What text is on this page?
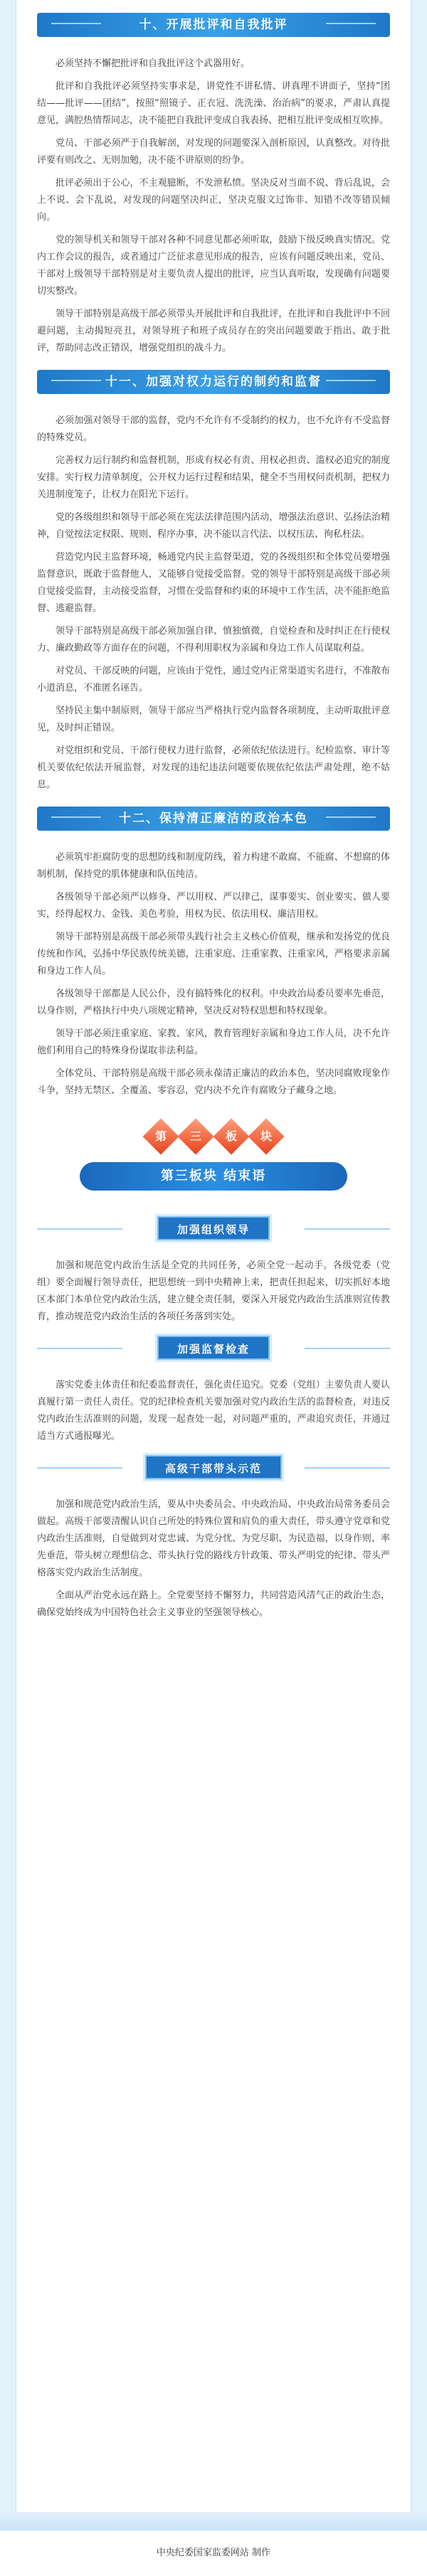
十、开展批评和自我批评

必须坚持不懈把批评和自我批评这个武器用好。

批评和自我批评必须坚持实事求是，讲党性不讲私情、讲真理不讲面子，坚持“团结——批评——团结”，按照“照镜子、正衣冠、洗洗澡、治治病”的要求，严肃认真提意见，满腔热情帮同志，决不能把自我批评变成自我表扬、把相互批评变成相互吹捧。

党员、干部必须严于自我解剖，对发现的问题要深入剖析原因，认真整改。对待批评要有则改之、无则加勉，决不能不讲原则的纷争。

批评必须出于公心，不主观臆断，不发泄私愤。坚决反对当面不说、背后乱说，会上不说、会下乱说，对发现的问题坚决纠正，坚决克服文过饰非、知错不改等错误倾向。

党的领导机关和领导干部对各种不同意见都必须听取，鼓励下级反映真实情况。党内工作会议的报告，或者通过广泛征求意见形成的报告，应该有问题反映出来，党员、干部对上级领导干部特别是对主要负责人提出的批评，应当认真听取，发现确有问题要切实整改。

领导干部特别是高级干部必须带头开展批评和自我批评，在批评和自我批评中不回避问题，主动揭短亮丑，对领导班子和班子成员存在的突出问题要敢于指出、敢于批评，帮助同志改正错误，增强党组织的战斗力。

十一、加强对权力运行的制约和监督

必须加强对领导干部的监督，党内不允许有不受制约的权力，也不允许有不受监督的特殊党员。

完善权力运行制约和监督机制，形成有权必有责、用权必担责、滥权必追究的制度安排。实行权力清单制度，公开权力运行过程和结果，健全不当用权问责机制，把权力关进制度笼子，让权力在阳光下运行。

党的各级组织和领导干部必须在宪法法律范围内活动，增强法治意识、弘扬法治精神，自觉按法定权限、规则、程序办事，决不能以言代法、以权压法、徇私枉法。

营造党内民主监督环境，畅通党内民主监督渠道，党的各级组织和全体党员要增强监督意识，既敢于监督他人，又能够自觉接受监督。党的领导干部特别是高级干部必须自觉接受监督，主动接受监督，习惯在受监督和约束的环境中工作生活，决不能拒绝监督、逃避监督。

领导干部特别是高级干部必须加强自律、慎独慎微，自觉检查和及时纠正在行使权力、廉政勤政等方面存在的问题，不得利用职权为亲属和身边工作人员谋取利益。

对党员、干部反映的问题，应该由于党性，通过党内正常渠道实名进行，不准散布小道消息，不准匿名诬告。

坚持民主集中制原则，领导干部应当严格执行党内监督各项制度，主动听取批评意见，及时纠正错误。

对党组织和党员、干部行使权力进行监督，必须依纪依法进行。纪检监察、审计等机关要依纪依法开展监督，对发现的违纪违法问题要依规依纪依法严肃处理，绝不姑息。

十二、保持清正廉洁的政治本色

必须筑牢拒腐防变的思想防线和制度防线，着力构建不敢腐、不能腐、不想腐的体制机制，保持党的肌体健康和队伍纯洁。

各级领导干部必须严以修身、严以用权、严以律己，谋事要实、创业要实、做人要实，经得起权力、金钱、美色考验，用权为民、依法用权、廉洁用权。

领导干部特别是高级干部必须带头践行社会主义核心价值观，继承和发扬党的优良传统和作风，弘扬中华民族传统美德，注重家庭、注重家教、注重家风，严格要求亲属和身边工作人员。

各级领导干部都是人民公仆，没有搞特殊化的权利。中央政治局委员要率先垂范，以身作则，严格执行中央八项规定精神，坚决反对特权思想和特权现象。

领导干部必须注重家庭、家教、家风，教育管理好亲属和身边工作人员，决不允许他们利用自己的特殊身份谋取非法利益。

全体党员、干部特别是高级干部必须永葆清正廉洁的政治本色，坚决同腐败现象作斗争，坚持无禁区、全覆盖、零容忍，党内决不允许有腐败分子藏身之地。

第
	三
	板
	块
第三板块 结束语
加强组织领导

加强和规范党内政治生活是全党的共同任务，必须全党一起动手。各级党委（党组）要全面履行领导责任，把思想统一到中央精神上来，把责任担起来，切实抓好本地区本部门本单位党内政治生活，建立健全责任制，要深入开展党内政治生活准则宣传教育，推动规范党内政治生活的各项任务落到实处。

加强监督检查

落实党委主体责任和纪委监督责任，强化责任追究。党委（党组）主要负责人要认真履行第一责任人责任。党的纪律检查机关要加强对党内政治生活的监督检查，对违反党内政治生活准则的问题，发现一起查处一起，对问题严重的，严肃追究责任，并通过适当方式通报曝光。

高级干部带头示范

加强和规范党内政治生活，要从中央委员会、中央政治局、中央政治局常务委员会做起。高级干部要清醒认识自己所处的特殊位置和肩负的重大责任，带头遵守党章和党内政治生活准则，自觉做到对党忠诚、为党分忧、为党尽职、为民造福，以身作则、率先垂范，带头树立理想信念、带头执行党的路线方针政策、带头严明党的纪律、带头严格落实党内政治生活制度。

全面从严治党永远在路上。全党要坚持不懈努力，共同营造风清气正的政治生态，确保党始终成为中国特色社会主义事业的坚强领导核心。

中央纪委国家监委网站 制作
